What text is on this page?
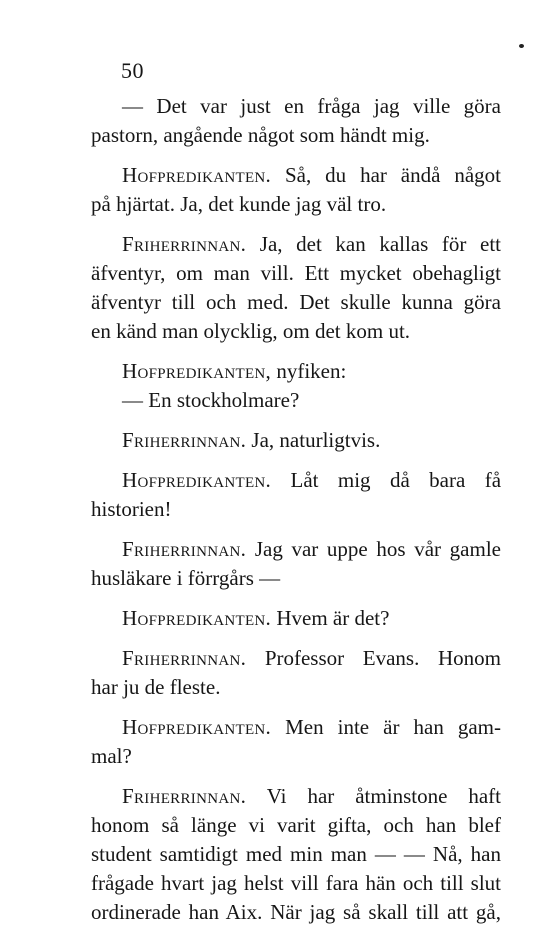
50
— Det var just en fråga jag ville göra
pastorn, angående något som händt mig.
Hofpredikanten. Så, du har ändå något
på hjärtat. Ja, det kunde jag väl tro.
Friherrinnan. Ja, det kan kallas för ett
äfventyr, om man vill. Ett mycket obehagligt
äfventyr till och med. Det skulle kunna göra
en känd man olycklig, om det kom ut.
Hofpredikanten, nyfiken:
— En stockholmare?
Friherrinnan. Ja, naturligtvis.
Hofpredikanten. Låt mig då bara få
historien!
Friherrinnan. Jag var uppe hos vår gamle
husläkare i förrgårs —
Hofpredikanten. Hvem är det?
Friherrinnan. Professor Evans. Honom
har ju de fleste.
Hofpredikanten. Men inte är han gam-
mal?
Friherrinnan. Vi har åtminstone haft
honom så länge vi varit gifta, och han blef
student samtidigt med min man — — Nå, han
frågade hvart jag helst vill fara hän och till slut
ordinerade han Aix. När jag så skall till att gå,
